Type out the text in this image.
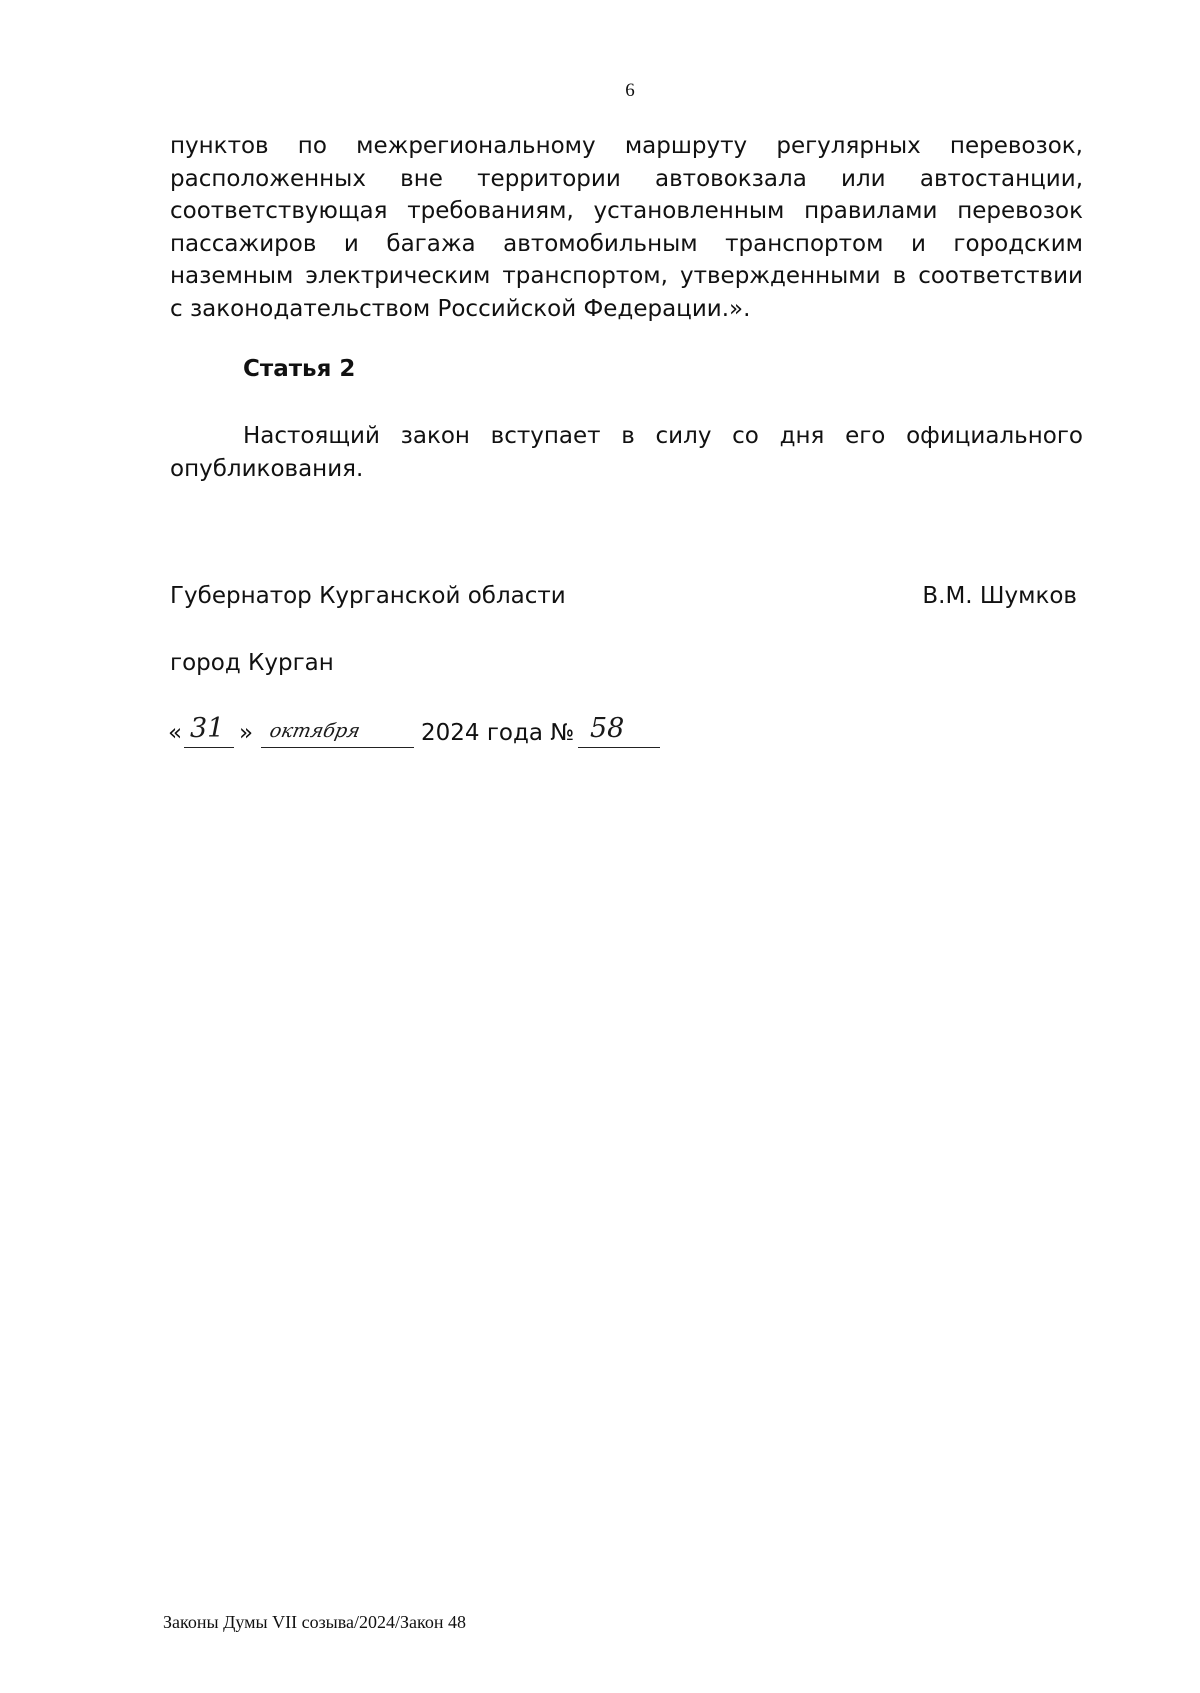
6
пунктов по межрегиональному маршруту регулярных перевозок,
расположенных вне территории автовокзала или автостанции,
соответствующая требованиям, установленным правилами перевозок
пассажиров и багажа автомобильным транспортом и городским
наземным электрическим транспортом, утвержденными в соответствии
с законодательством Российской Федерации.».
Статья 2
Настоящий закон вступает в силу со дня его официального
опубликования.
Губернатор Курганской области	В.М. Шумков
город Курган
« 31 » октября	2024 года № 58
Законы Думы VII созыва/2024/Закон 48
